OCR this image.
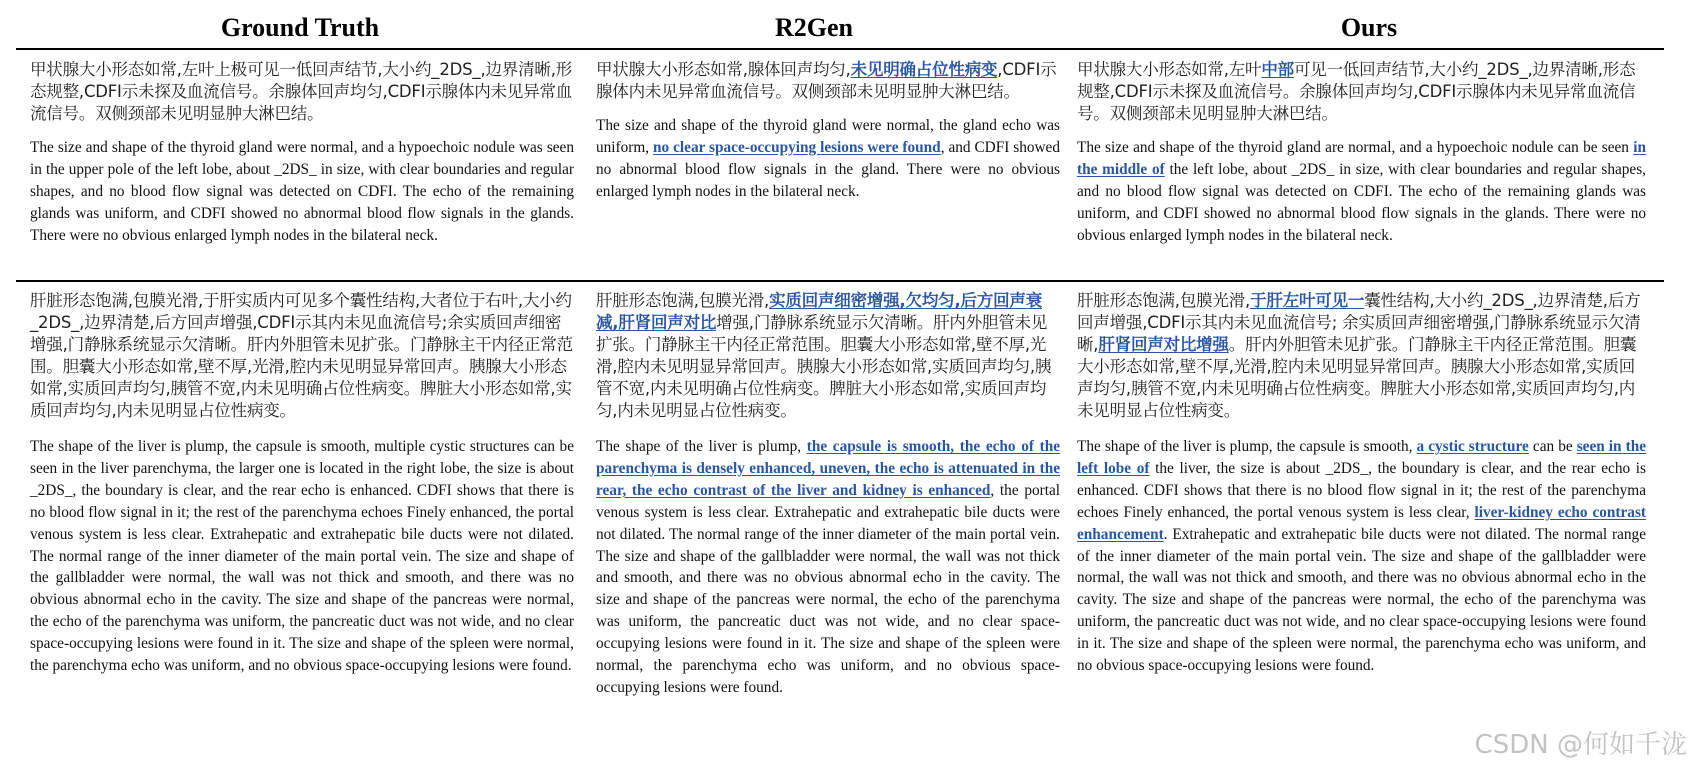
Ground Truth	R2Gen	Ours

甲状腺大小形态如常,左叶上极可见一低回声结节,大小约_2DS_,边界清晰,形态规整,CDFI示未探及血流信号。余腺体回声均匀,CDFI示腺体内未见异常血流信号。双侧颈部未见明显肿大淋巴结。

The size and shape of the thyroid gland were normal, and a hypoechoic nodule was seen in the upper pole of the left lobe, about _2DS_ in size, with clear boundaries and regular shapes, and no blood flow signal was detected on CDFI. The echo of the remaining glands was uniform, and CDFI showed no abnormal blood flow signals in the glands. There were no obvious enlarged lymph nodes in the bilateral neck.

甲状腺大小形态如常,腺体回声均匀,未见明确占位性病变,CDFI示腺体内未见异常血流信号。双侧颈部未见明显肿大淋巴结。

The size and shape of the thyroid gland were normal, the gland echo was uniform, no clear space-occupying lesions were found, and CDFI showed no abnormal blood flow signals in the gland. There were no obvious enlarged lymph nodes in the bilateral neck.

甲状腺大小形态如常,左叶中部可见一低回声结节,大小约_2DS_,边界清晰,形态规整,CDFI示未探及血流信号。余腺体回声均匀,CDFI示腺体内未见异常血流信号。双侧颈部未见明显肿大淋巴结。

The size and shape of the thyroid gland are normal, and a hypoechoic nodule can be seen in the middle of the left lobe, about _2DS_ in size, with clear boundaries and regular shapes, and no blood flow signal was detected on CDFI. The echo of the remaining glands was uniform, and CDFI showed no abnormal blood flow signals in the glands. There were no obvious enlarged lymph nodes in the bilateral neck.

肝脏形态饱满,包膜光滑,于肝实质内可见多个囊性结构,大者位于右叶,大小约_2DS_,边界清楚,后方回声增强,CDFI示其内未见血流信号;余实质回声细密增强,门静脉系统显示欠清晰。肝内外胆管未见扩张。门静脉主干内径正常范围。胆囊大小形态如常,壁不厚,光滑,腔内未见明显异常回声。胰腺大小形态如常,实质回声均匀,胰管不宽,内未见明确占位性病变。脾脏大小形态如常,实质回声均匀,内未见明显占位性病变。

The shape of the liver is plump, the capsule is smooth, multiple cystic structures can be seen in the liver parenchyma, the larger one is located in the right lobe, the size is about _2DS_, the boundary is clear, and the rear echo is enhanced. CDFI shows that there is no blood flow signal in it; the rest of the parenchyma echoes Finely enhanced, the portal venous system is less clear. Extrahepatic and extrahepatic bile ducts were not dilated. The normal range of the inner diameter of the main portal vein. The size and shape of the gallbladder were normal, the wall was not thick and smooth, and there was no obvious abnormal echo in the cavity. The size and shape of the pancreas were normal, the echo of the parenchyma was uniform, the pancreatic duct was not wide, and no clear space-occupying lesions were found in it. The size and shape of the spleen were normal, the parenchyma echo was uniform, and no obvious space-occupying lesions were found.

肝脏形态饱满,包膜光滑,实质回声细密增强,欠均匀,后方回声衰减,肝肾回声对比增强,门静脉系统显示欠清晰。肝内外胆管未见扩张。门静脉主干内径正常范围。胆囊大小形态如常,壁不厚,光滑,腔内未见明显异常回声。胰腺大小形态如常,实质回声均匀,胰管不宽,内未见明确占位性病变。脾脏大小形态如常,实质回声均匀,内未见明显占位性病变。

The shape of the liver is plump, the capsule is smooth, the echo of the parenchyma is densely enhanced, uneven, the echo is attenuated in the rear, the echo contrast of the liver and kidney is enhanced, the portal venous system is less clear. Extrahepatic and extrahepatic bile ducts were not dilated. The normal range of the inner diameter of the main portal vein. The size and shape of the gallbladder were normal, the wall was not thick and smooth, and there was no obvious abnormal echo in the cavity. The size and shape of the pancreas were normal, the echo of the parenchyma was uniform, the pancreatic duct was not wide, and no clear space-occupying lesions were found in it. The size and shape of the spleen were normal, the parenchyma echo was uniform, and no obvious space-occupying lesions were found.

肝脏形态饱满,包膜光滑,于肝左叶可见一囊性结构,大小约_2DS_,边界清楚,后方回声增强,CDFI示其内未见血流信号; 余实质回声细密增强,门静脉系统显示欠清晰,肝肾回声对比增强。肝内外胆管未见扩张。门静脉主干内径正常范围。胆囊大小形态如常,壁不厚,光滑,腔内未见明显异常回声。胰腺大小形态如常,实质回声均匀,胰管不宽,内未见明确占位性病变。脾脏大小形态如常,实质回声均匀,内未见明显占位性病变。

The shape of the liver is plump, the capsule is smooth, a cystic structure can be seen in the left lobe of the liver, the size is about _2DS_, the boundary is clear, and the rear echo is enhanced. CDFI shows that there is no blood flow signal in it; the rest of the parenchyma echoes Finely enhanced, the portal venous system is less clear, liver-kidney echo contrast enhancement. Extrahepatic and extrahepatic bile ducts were not dilated. The normal range of the inner diameter of the main portal vein. The size and shape of the gallbladder were normal, the wall was not thick and smooth, and there was no obvious abnormal echo in the cavity. The size and shape of the pancreas were normal, the echo of the parenchyma was uniform, the pancreatic duct was not wide, and no clear space-occupying lesions were found in it. The size and shape of the spleen were normal, the parenchyma echo was uniform, and no obvious space-occupying lesions were found.

CSDN @何如千泷
